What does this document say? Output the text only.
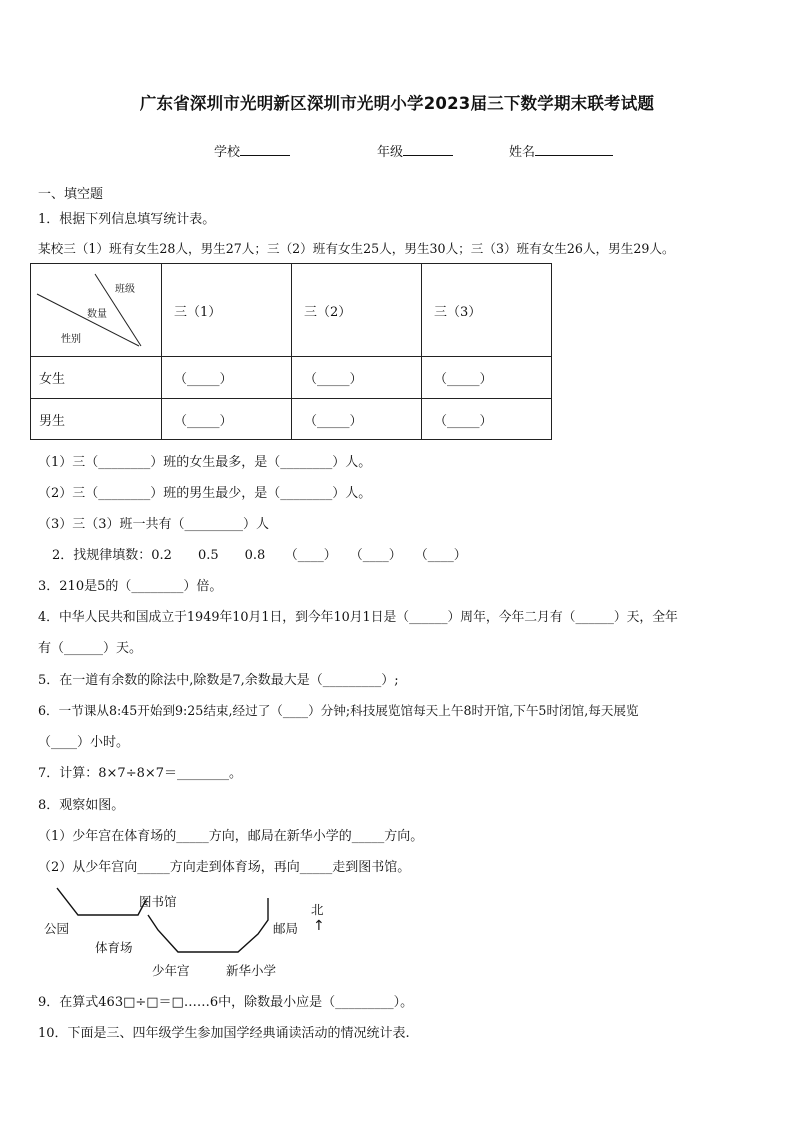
广东省深圳市光明新区深圳市光明小学2023届三下数学期末联考试题
学校	年级	姓名
一、填空题
1．根据下列信息填写统计表。
某校三（1）班有女生28人，男生27人；三（2）班有女生25人，男生30人；三（3）班有女生26人，男生29人。
班级
数量
性别	三（1）	三（2）	三（3）
女生	（_____）	（_____）	（_____）
男生	（_____）	（_____）	（_____）
（1）三（________）班的女生最多，是（________）人。
（2）三（________）班的男生最少，是（________）人。
（3）三（3）班一共有（_________）人
2．找规律填数：0.2　　0.5　　0.8　　（____）　　（____）　　（____）
3．210是5的（________）倍。
4．中华人民共和国成立于1949年10月1日，到今年10月1日是（______）周年，今年二月有（______）天，全年
有（______）天。
5．在一道有余数的除法中,除数是7,余数最大是（_________）;
6．一节课从8:45开始到9:25结束,经过了（____）分钟;科技展览馆每天上午8时开馆,下午5时闭馆,每天展览
（____）小时。
7．计算：8×7÷8×7＝________。
8．观察如图。
（1）少年宫在体育场的_____方向，邮局在新华小学的_____方向。
（2）从少年宫向_____方向走到体育场，再向_____走到图书馆。
图书馆
公园
体育场
少年宫	新华小学
邮局
北
↑
9．在算式463□÷□＝□……6中，除数最小应是（_________）。
10．下面是三、四年级学生参加国学经典诵读活动的情况统计表.
